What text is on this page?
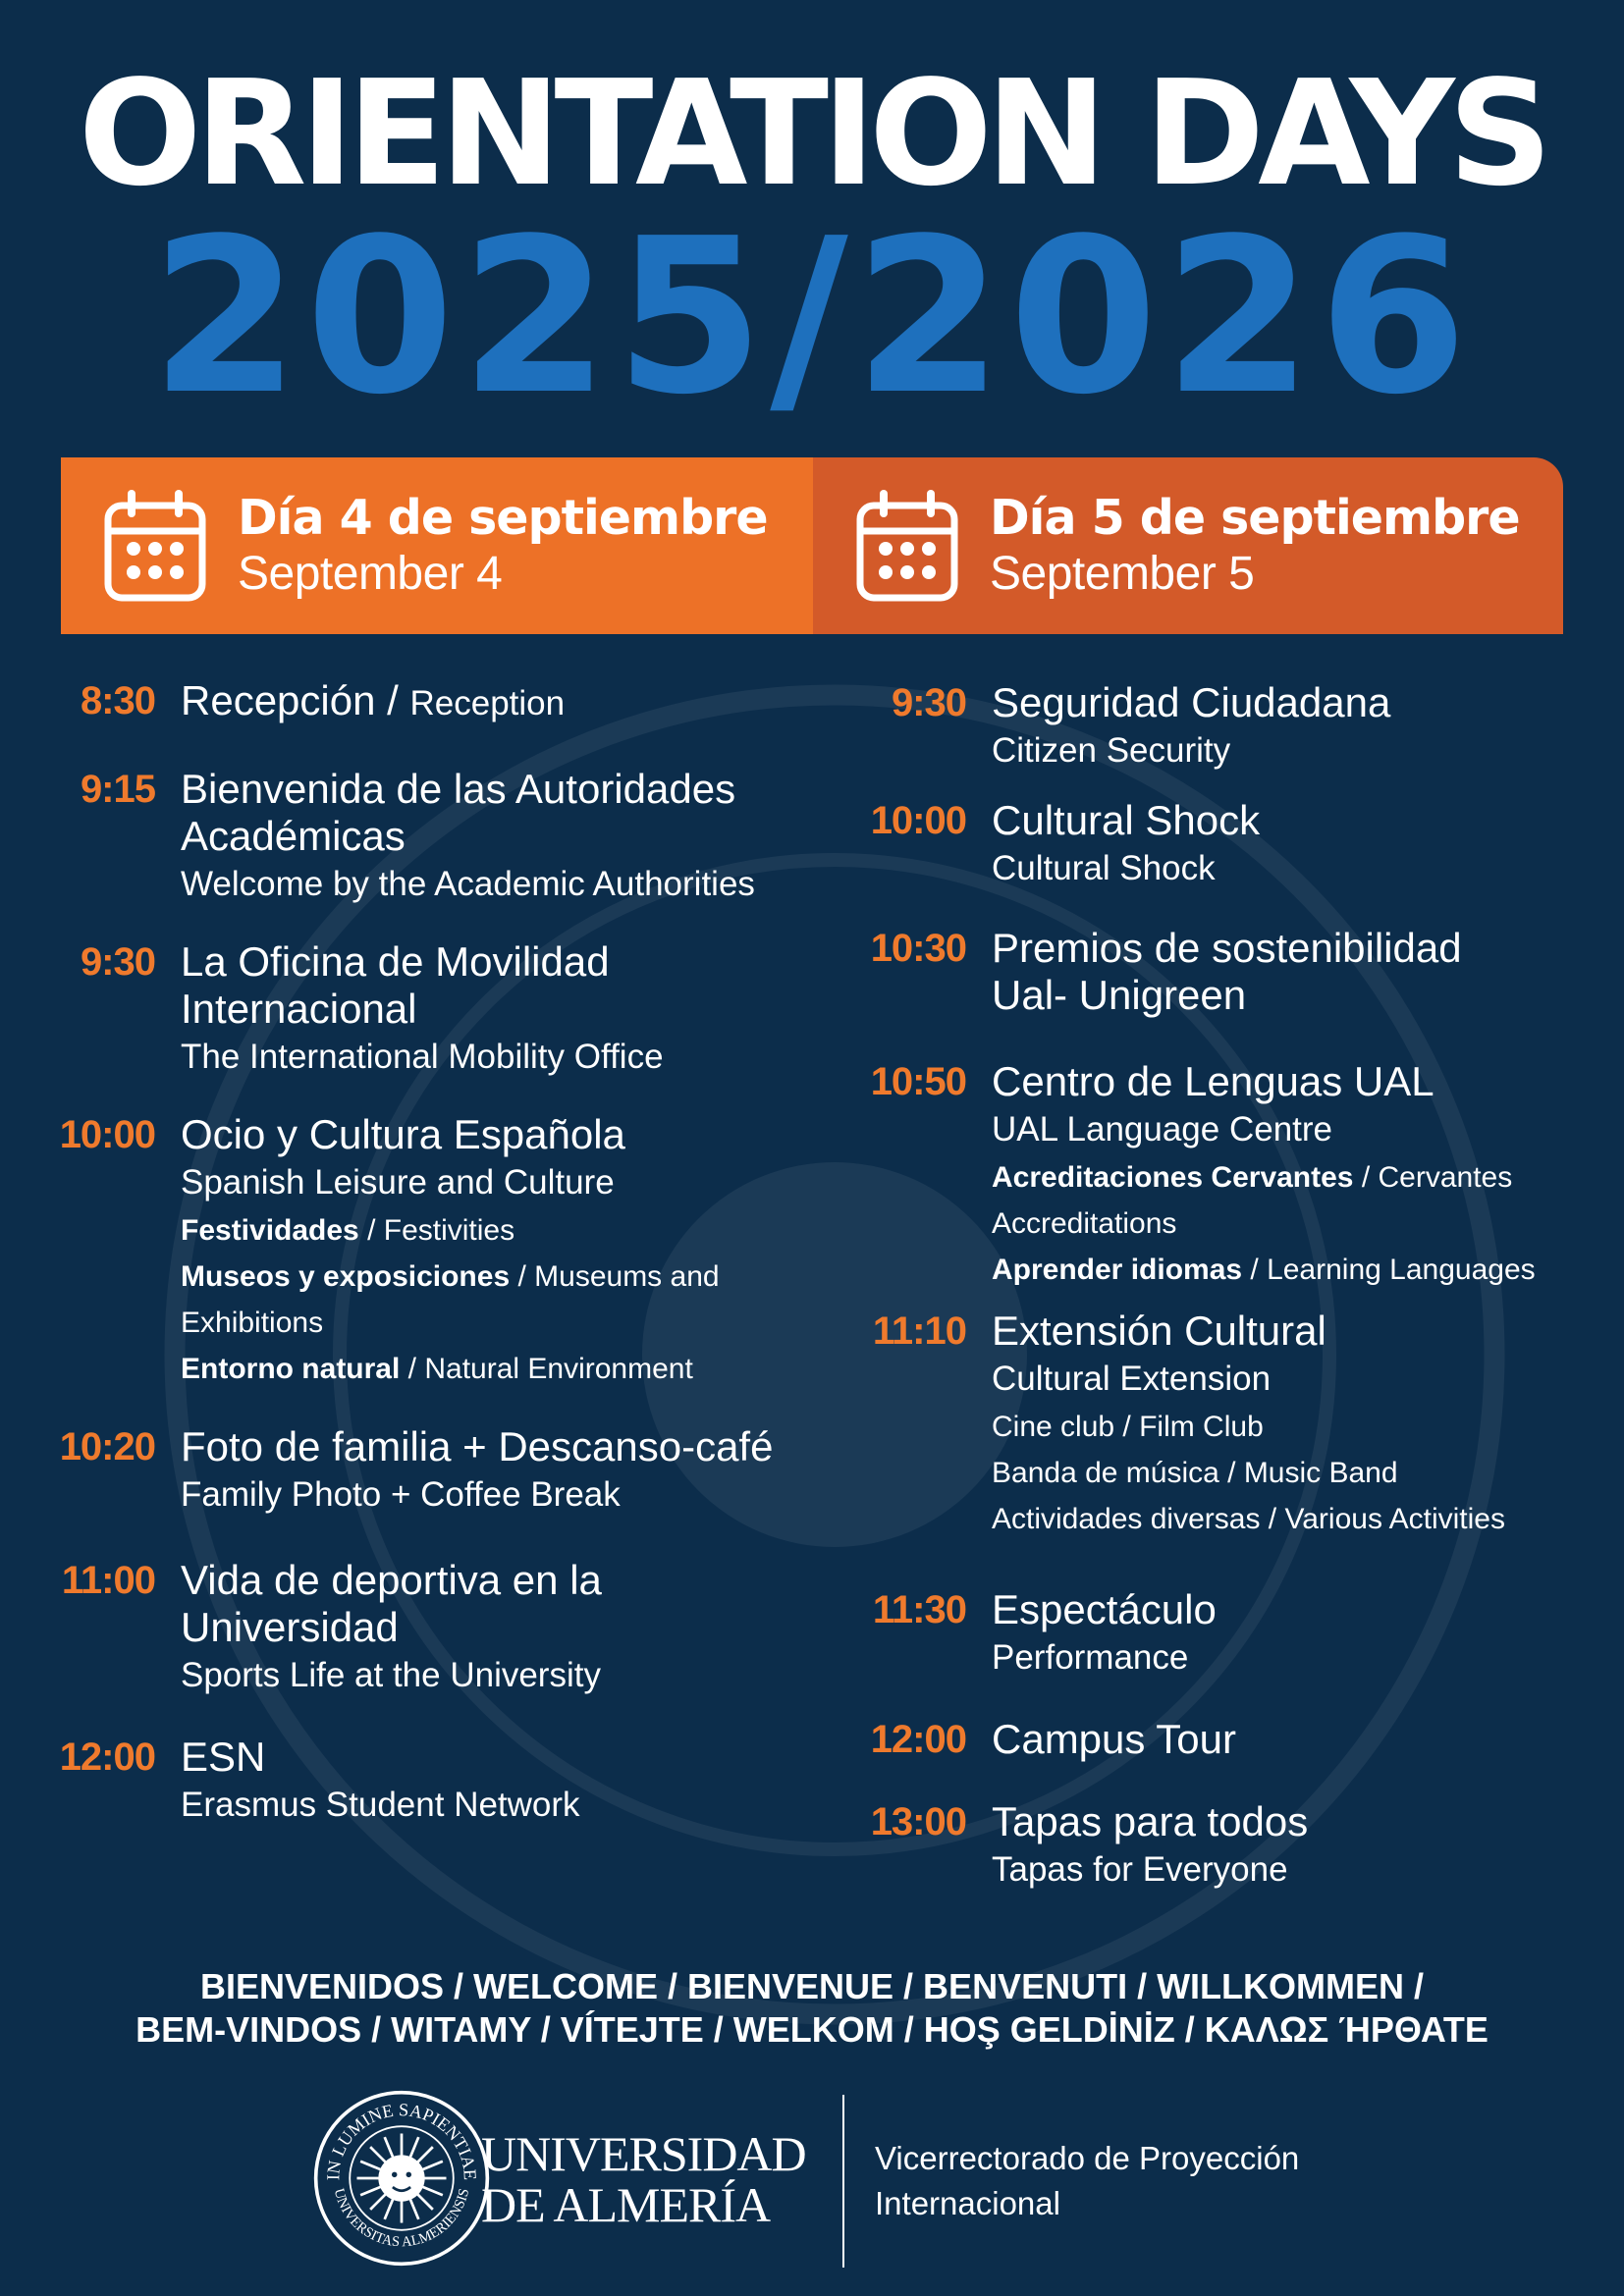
ORIENTATION DAYS
2025/2026
Día 4 de septiembre
September 4
Día 5 de septiembre
September 5
8:30 Recepción / Reception
9:15 Bienvenida de las Autoridades
Académicas
Welcome by the Academic Authorities
9:30 La Oficina de Movilidad
Internacional
The International Mobility Office
10:00 Ocio y Cultura Española
Spanish Leisure and Culture
Festividades / Festivities
Museos y exposiciones / Museums and
Exhibitions
Entorno natural / Natural Environment
10:20 Foto de familia + Descanso-café
Family Photo + Coffee Break
11:00 Vida de deportiva en la
Universidad
Sports Life at the University
12:00 ESN
Erasmus Student Network
9:30 Seguridad Ciudadana
Citizen Security
10:00 Cultural Shock
Cultural Shock
10:30 Premios de sostenibilidad
Ual- Unigreen
10:50 Centro de Lenguas UAL
UAL Language Centre
Acreditaciones Cervantes / Cervantes
Accreditations
Aprender idiomas / Learning Languages
11:10 Extensión Cultural
Cultural Extension
Cine club / Film Club
Banda de música / Music Band
Actividades diversas / Various Activities
11:30 Espectáculo
Performance
12:00 Campus Tour
13:00 Tapas para todos
Tapas for Everyone
BIENVENIDOS / WELCOME / BIENVENUE / BENVENUTI / WILLKOMMEN /
BEM-VINDOS / WITAMY / VÍTEJTE / WELKOM / HOŞ GELDİNİZ / ΚΑΛΩΣ ΉΡΘΑΤΕ
IN LUMINE SAPIENTIAE
UNIVERSITAS ALMERIENSIS
UNIVERSIDAD
DE ALMERÍA
Vicerrectorado de Proyección
Internacional
